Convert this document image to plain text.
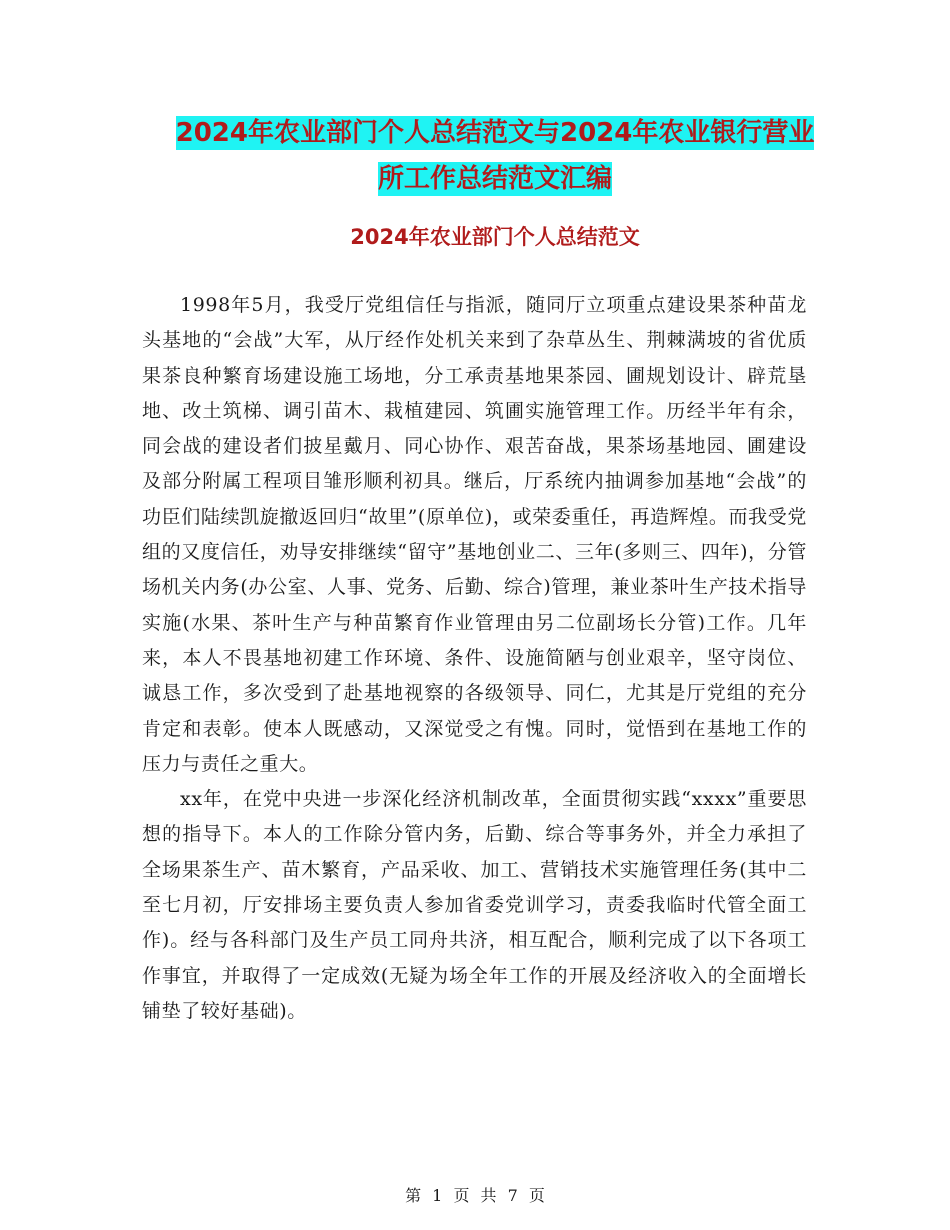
2024年农业部门个人总结范文与2024年农业银行营业
所工作总结范文汇编
2024年农业部门个人总结范文

1998年5月，我受厅党组信任与指派，随同厅立项重点建设果茶种苗龙头基地的“会战”大军，从厅经作处机关来到了杂草丛生、荆棘满坡的省优质果茶良种繁育场建设施工场地，分工承责基地果茶园、圃规划设计、辟荒垦地、改土筑梯、调引苗木、栽植建园、筑圃实施管理工作。历经半年有余，同会战的建设者们披星戴月、同心协作、艰苦奋战，果茶场基地园、圃建设及部分附属工程项目雏形顺利初具。继后，厅系统内抽调参加基地“会战”的功臣们陆续凯旋撤返回归“故里”(原单位)，或荣委重任，再造辉煌。而我受党组的又度信任，劝导安排继续“留守”基地创业二、三年(多则三、四年)，分管场机关内务(办公室、人事、党务、后勤、综合)管理，兼业茶叶生产技术指导实施(水果、茶叶生产与种苗繁育作业管理由另二位副场长分管)工作。几年来，本人不畏基地初建工作环境、条件、设施简陋与创业艰辛，坚守岗位、诚恳工作，多次受到了赴基地视察的各级领导、同仁，尤其是厅党组的充分肯定和表彰。使本人既感动，又深觉受之有愧。同时，觉悟到在基地工作的压力与责任之重大。

xx年，在党中央进一步深化经济机制改革，全面贯彻实践“xxxx”重要思想的指导下。本人的工作除分管内务，后勤、综合等事务外，并全力承担了全场果茶生产、苗木繁育，产品采收、加工、营销技术实施管理任务(其中二至七月初，厅安排场主要负责人参加省委党训学习，责委我临时代管全面工作)。经与各科部门及生产员工同舟共济，相互配合，顺利完成了以下各项工作事宜，并取得了一定成效(无疑为场全年工作的开展及经济收入的全面增长铺垫了较好基础)。

第 1 页 共 7 页
